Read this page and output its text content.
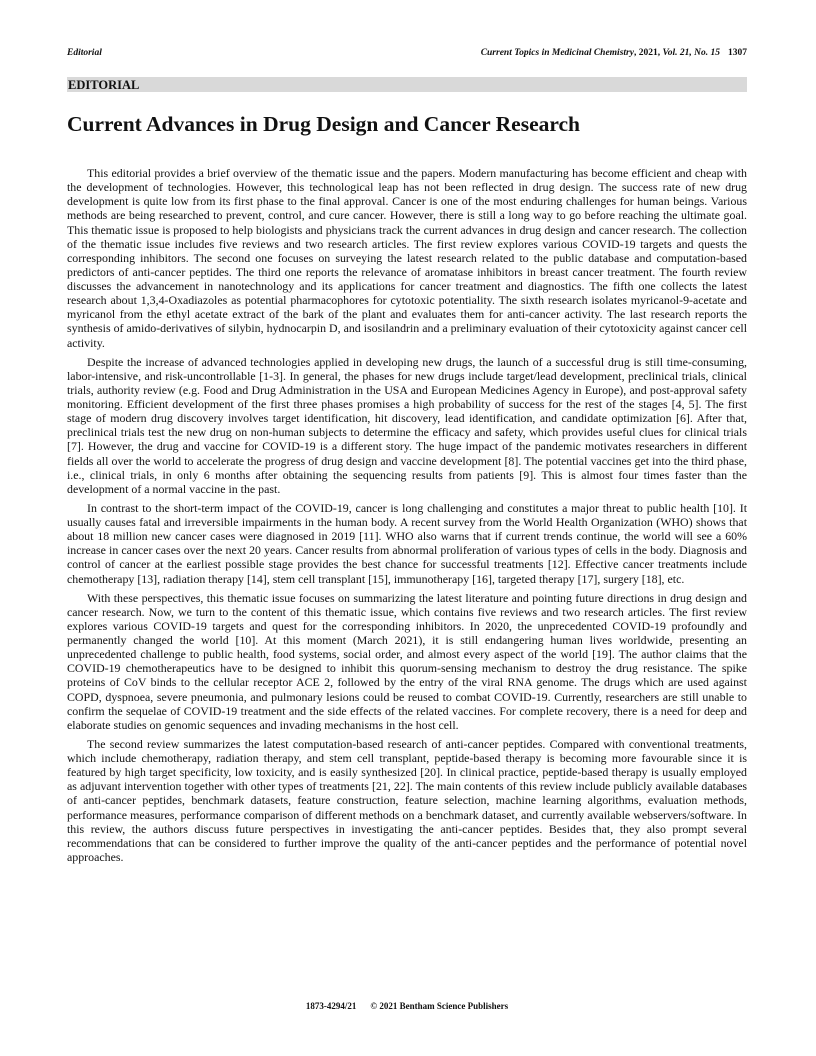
Editorial	Current Topics in Medicinal Chemistry, 2021, Vol. 21, No. 15 1307
EDITORIAL
Current Advances in Drug Design and Cancer Research

This editorial provides a brief overview of the thematic issue and the papers. Modern manufacturing has become efficient and cheap with the development of technologies. However, this technological leap has not been reflected in drug design. The success rate of new drug development is quite low from its first phase to the final approval. Cancer is one of the most enduring challenges for human beings. Various methods are being researched to prevent, control, and cure cancer. However, there is still a long way to go before reaching the ultimate goal. This thematic issue is proposed to help biologists and physicians track the current advances in drug design and cancer research. The collection of the thematic issue includes five reviews and two research articles. The first review explores various COVID-19 targets and quests the corresponding inhibitors. The second one focuses on surveying the latest research related to the public database and computation-based predictors of anti-cancer peptides. The third one reports the relevance of aromatase inhibitors in breast cancer treatment. The fourth review discusses the advancement in nanotechnology and its applications for cancer treatment and diagnostics. The fifth one collects the latest research about 1,3,4-Oxadiazoles as potential pharmacophores for cytotoxic potentiality. The sixth research isolates myricanol-9-acetate and myricanol from the ethyl acetate extract of the bark of the plant and evaluates them for anti-cancer activity. The last research reports the synthesis of amido-derivatives of silybin, hydnocarpin D, and isosilandrin and a preliminary evaluation of their cytotoxicity against cancer cell activity.

Despite the increase of advanced technologies applied in developing new drugs, the launch of a successful drug is still time-consuming, labor-intensive, and risk-uncontrollable [1-3]. In general, the phases for new drugs include target/lead development, preclinical trials, clinical trials, authority review (e.g. Food and Drug Administration in the USA and European Medicines Agency in Europe), and post-approval safety monitoring. Efficient development of the first three phases promises a high probability of success for the rest of the stages [4, 5]. The first stage of modern drug discovery involves target identification, hit discovery, lead identification, and candidate optimization [6]. After that, preclinical trials test the new drug on non-human subjects to determine the efficacy and safety, which provides useful clues for clinical trials [7]. However, the drug and vaccine for COVID-19 is a different story. The huge impact of the pandemic motivates researchers in different fields all over the world to accelerate the progress of drug design and vaccine development [8]. The potential vaccines get into the third phase, i.e., clinical trials, in only 6 months after obtaining the sequencing results from patients [9]. This is almost four times faster than the development of a normal vaccine in the past.

In contrast to the short-term impact of the COVID-19, cancer is long challenging and constitutes a major threat to public health [10]. It usually causes fatal and irreversible impairments in the human body. A recent survey from the World Health Organization (WHO) shows that about 18 million new cancer cases were diagnosed in 2019 [11]. WHO also warns that if current trends continue, the world will see a 60% increase in cancer cases over the next 20 years. Cancer results from abnormal proliferation of various types of cells in the body. Diagnosis and control of cancer at the earliest possible stage provides the best chance for successful treatments [12]. Effective cancer treatments include chemotherapy [13], radiation therapy [14], stem cell transplant [15], immunotherapy [16], targeted therapy [17], surgery [18], etc.

With these perspectives, this thematic issue focuses on summarizing the latest literature and pointing future directions in drug design and cancer research. Now, we turn to the content of this thematic issue, which contains five reviews and two research articles. The first review explores various COVID-19 targets and quest for the corresponding inhibitors. In 2020, the unprecedented COVID-19 profoundly and permanently changed the world [10]. At this moment (March 2021), it is still endangering human lives worldwide, presenting an unprecedented challenge to public health, food systems, social order, and almost every aspect of the world [19]. The author claims that the COVID-19 chemotherapeutics have to be designed to inhibit this quorum-sensing mechanism to destroy the drug resistance. The spike proteins of CoV binds to the cellular receptor ACE 2, followed by the entry of the viral RNA genome. The drugs which are used against COPD, dyspnoea, severe pneumonia, and pulmonary lesions could be reused to combat COVID-19. Currently, researchers are still unable to confirm the sequelae of COVID-19 treatment and the side effects of the related vaccines. For complete recovery, there is a need for deep and elaborate studies on genomic sequences and invading mechanisms in the host cell.

The second review summarizes the latest computation-based research of anti-cancer peptides. Compared with conventional treatments, which include chemotherapy, radiation therapy, and stem cell transplant, peptide-based therapy is becoming more favourable since it is featured by high target specificity, low toxicity, and is easily synthesized [20]. In clinical practice, peptide-based therapy is usually employed as adjuvant intervention together with other types of treatments [21, 22]. The main contents of this review include publicly available databases of anti-cancer peptides, benchmark datasets, feature construction, feature selection, machine learning algorithms, evaluation methods, performance measures, performance comparison of different methods on a benchmark dataset, and currently available webservers/software. In this review, the authors discuss future perspectives in investigating the anti-cancer peptides. Besides that, they also prompt several recommendations that can be considered to further improve the quality of the anti-cancer peptides and the performance of potential novel approaches.

1873-4294/21 © 2021 Bentham Science Publishers
